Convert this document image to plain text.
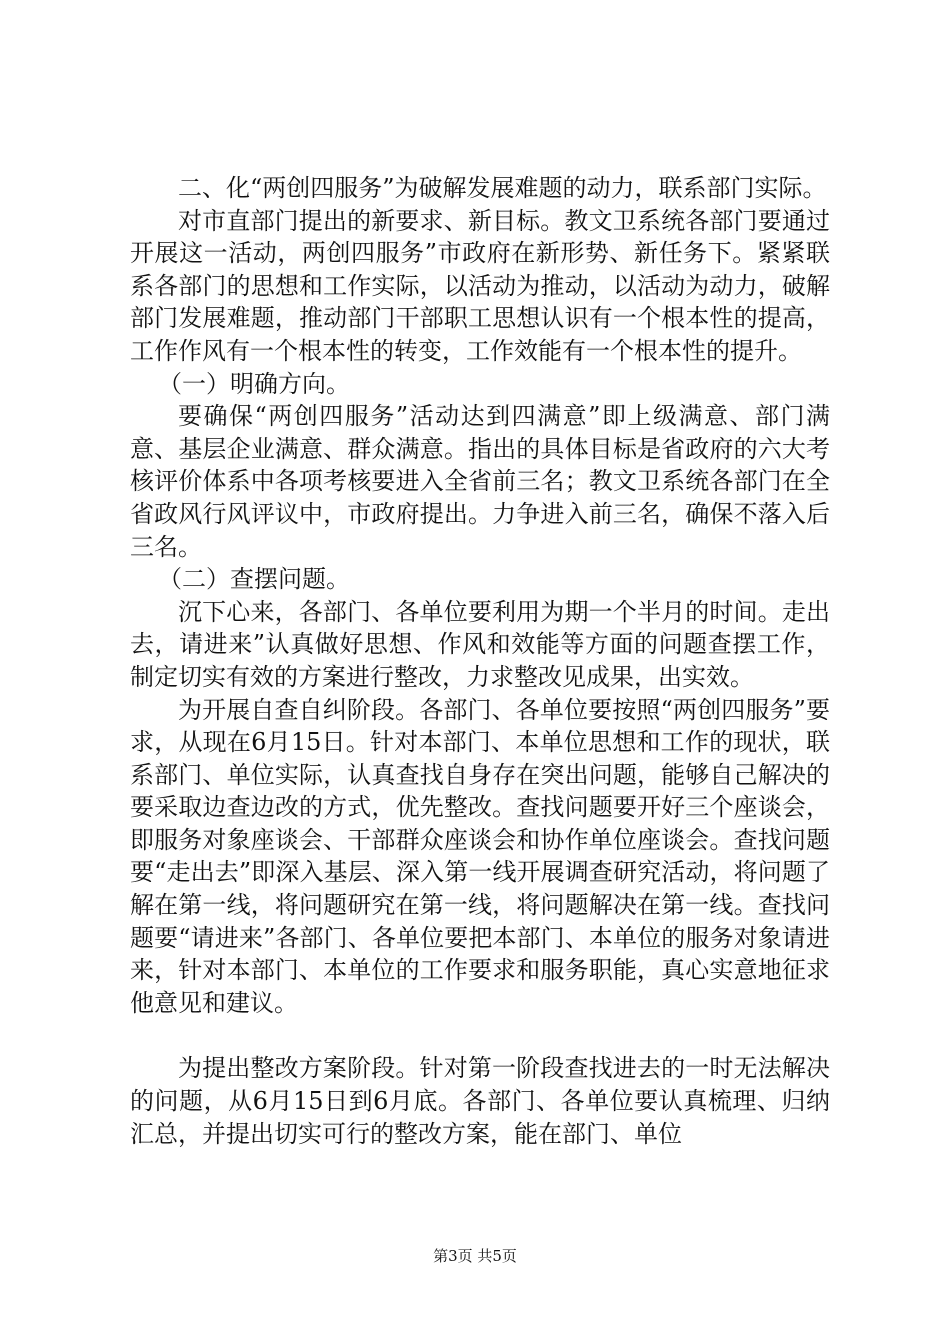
二、化“两创四服务”为破解发展难题的动力，联系部门实际。

对市直部门提出的新要求、新目标。教文卫系统各部门要通过开展这一活动，两创四服务”市政府在新形势、新任务下。紧紧联系各部门的思想和工作实际，以活动为推动，以活动为动力，破解部门发展难题，推动部门干部职工思想认识有一个根本性的提高，工作作风有一个根本性的转变，工作效能有一个根本性的提升。

（一）明确方向。

要确保“两创四服务”活动达到四满意”即上级满意、部门满意、基层企业满意、群众满意。指出的具体目标是省政府的六大考核评价体系中各项考核要进入全省前三名；教文卫系统各部门在全省政风行风评议中，市政府提出。力争进入前三名，确保不落入后三名。

（二）查摆问题。

沉下心来，各部门、各单位要利用为期一个半月的时间。走出去，请进来”认真做好思想、作风和效能等方面的问题查摆工作，制定切实有效的方案进行整改，力求整改见成果，出实效。

为开展自查自纠阶段。各部门、各单位要按照“两创四服务”要求，从现在6月15日。针对本部门、本单位思想和工作的现状，联系部门、单位实际，认真查找自身存在突出问题，能够自己解决的要采取边查边改的方式，优先整改。查找问题要开好三个座谈会，即服务对象座谈会、干部群众座谈会和协作单位座谈会。查找问题要“走出去”即深入基层、深入第一线开展调查研究活动，将问题了解在第一线，将问题研究在第一线，将问题解决在第一线。查找问题要“请进来”各部门、各单位要把本部门、本单位的服务对象请进来，针对本部门、本单位的工作要求和服务职能，真心实意地征求他意见和建议。

为提出整改方案阶段。针对第一阶段查找进去的一时无法解决的问题，从6月15日到6月底。各部门、各单位要认真梳理、归纳汇总，并提出切实可行的整改方案，能在部门、单位

第3页 共5页
